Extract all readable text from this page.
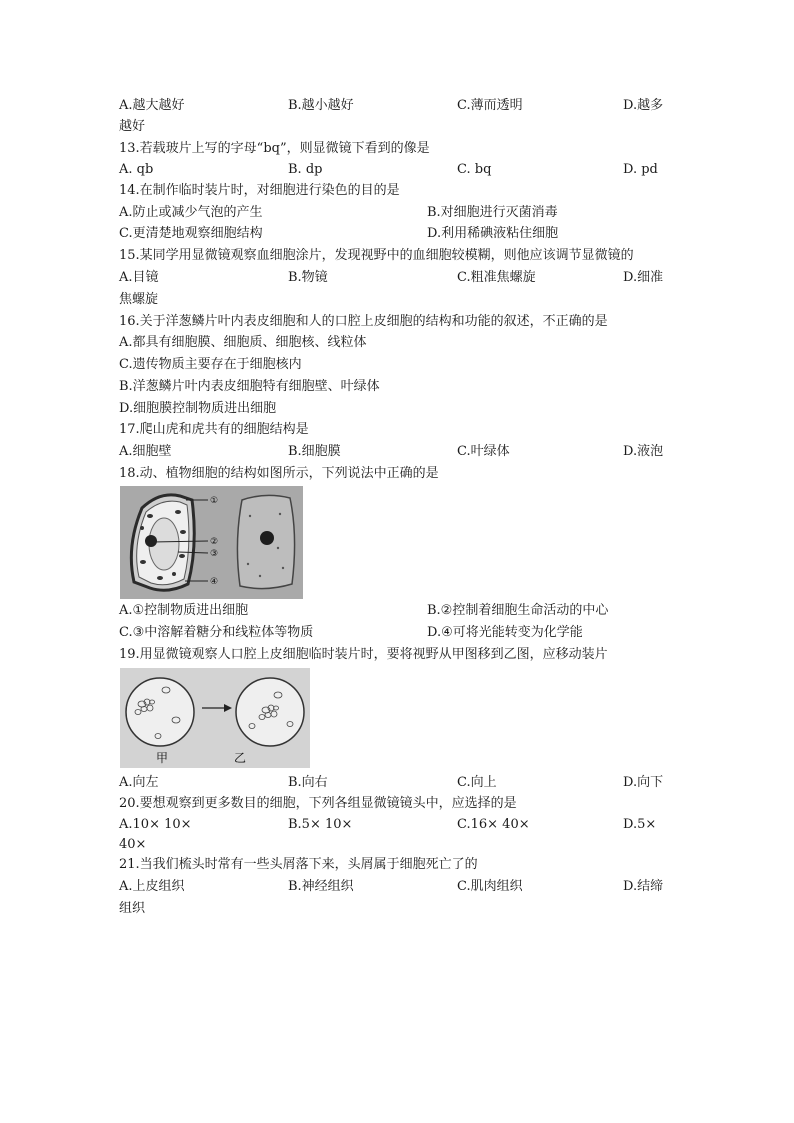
A.越大越好	B.越小越好	C.薄而透明	D.越多
越好
13.若载玻片上写的字母“bq”，则显微镜下看到的像是
A. qb	B. dp	C. bq	D. pd
14.在制作临时装片时，对细胞进行染色的目的是
A.防止或减少气泡的产生	B.对细胞进行灭菌消毒
C.更清楚地观察细胞结构	D.利用稀碘液粘住细胞
15.某同学用显微镜观察血细胞涂片，发现视野中的血细胞较模糊，则他应该调节显微镜的
A.目镜	B.物镜	C.粗准焦螺旋	D.细准
焦螺旋
16.关于洋葱鳞片叶内表皮细胞和人的口腔上皮细胞的结构和功能的叙述，不正确的是
A.都具有细胞膜、细胞质、细胞核、线粒体
C.遗传物质主要存在于细胞核内
B.洋葱鳞片叶内表皮细胞特有细胞壁、叶绿体
D.细胞膜控制物质进出细胞
17.爬山虎和虎共有的细胞结构是
A.细胞壁	B.细胞膜	C.叶绿体	D.液泡
18.动、植物细胞的结构如图所示，下列说法中正确的是
①
②
③
④
A.①控制物质进出细胞	B.②控制着细胞生命活动的中心
C.③中溶解着糖分和线粒体等物质	D.④可将光能转变为化学能
19.用显微镜观察人口腔上皮细胞临时装片时，要将视野从甲图移到乙图，应移动装片
甲	乙
A.向左	B.向右	C.向上	D.向下
20.要想观察到更多数目的细胞，下列各组显微镜镜头中，应选择的是
A.10× 10×	B.5× 10×	C.16× 40×	D.5×
40×
21.当我们梳头时常有一些头屑落下来，头屑属于细胞死亡了的
A.上皮组织	B.神经组织	C.肌肉组织	D.结缔
组织
